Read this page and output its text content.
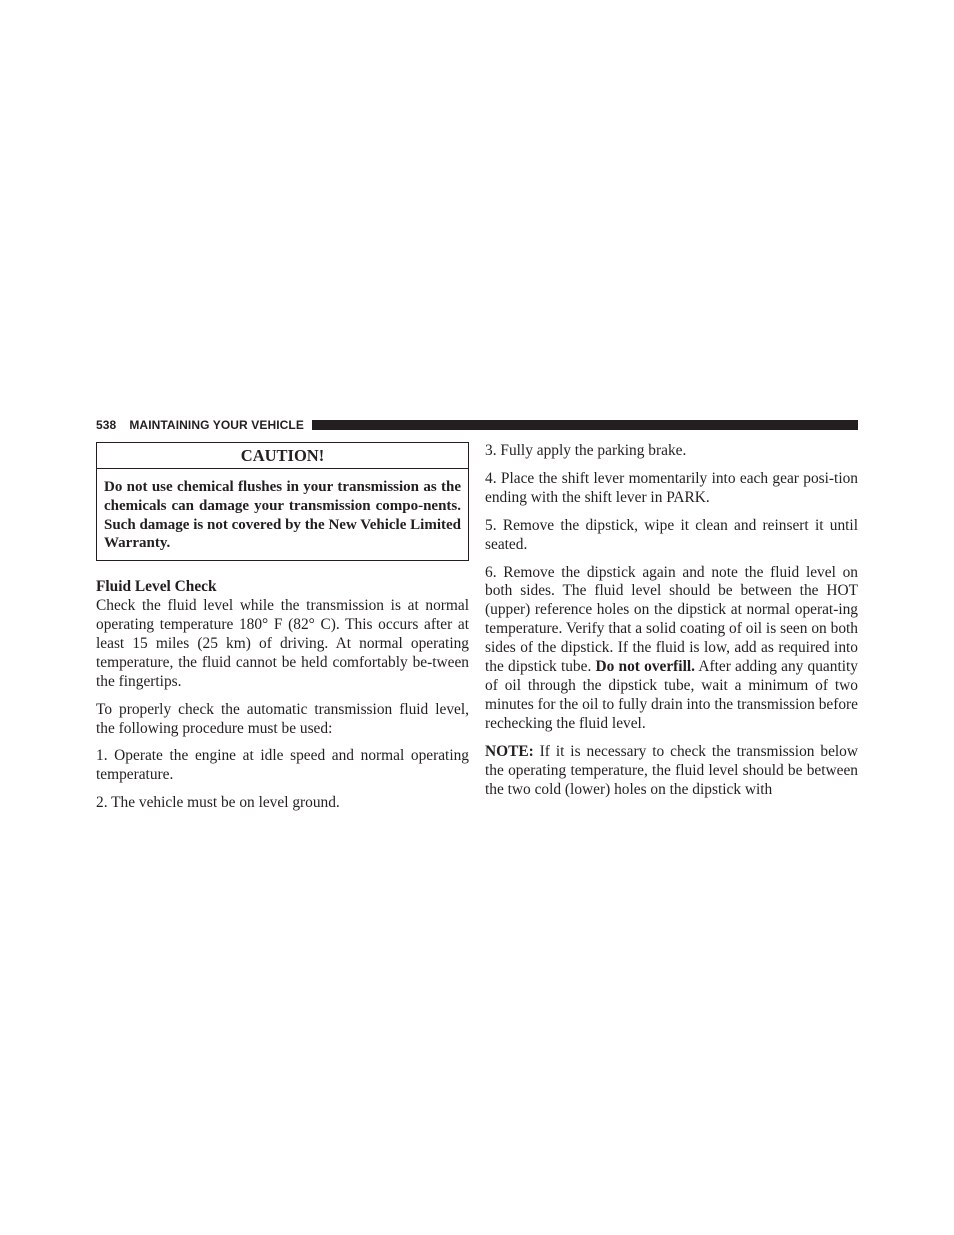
538 MAINTAINING YOUR VEHICLE
CAUTION!
Do not use chemical flushes in your transmission as the chemicals can damage your transmission compo-nents. Such damage is not covered by the New Vehicle Limited Warranty.
Fluid Level Check

Check the fluid level while the transmission is at normal operating temperature 180° F (82° C). This occurs after at least 15 miles (25 km) of driving. At normal operating temperature, the fluid cannot be held comfortably be-tween the fingertips.

To properly check the automatic transmission fluid level, the following procedure must be used:

1. Operate the engine at idle speed and normal operating temperature.

2. The vehicle must be on level ground.

3. Fully apply the parking brake.

4. Place the shift lever momentarily into each gear posi-tion ending with the shift lever in PARK.

5. Remove the dipstick, wipe it clean and reinsert it until seated.

6. Remove the dipstick again and note the fluid level on both sides. The fluid level should be between the HOT (upper) reference holes on the dipstick at normal operat-ing temperature. Verify that a solid coating of oil is seen on both sides of the dipstick. If the fluid is low, add as required into the dipstick tube. Do not overfill. After adding any quantity of oil through the dipstick tube, wait a minimum of two minutes for the oil to fully drain into the transmission before rechecking the fluid level.

NOTE: If it is necessary to check the transmission below the operating temperature, the fluid level should be between the two cold (lower) holes on the dipstick with
